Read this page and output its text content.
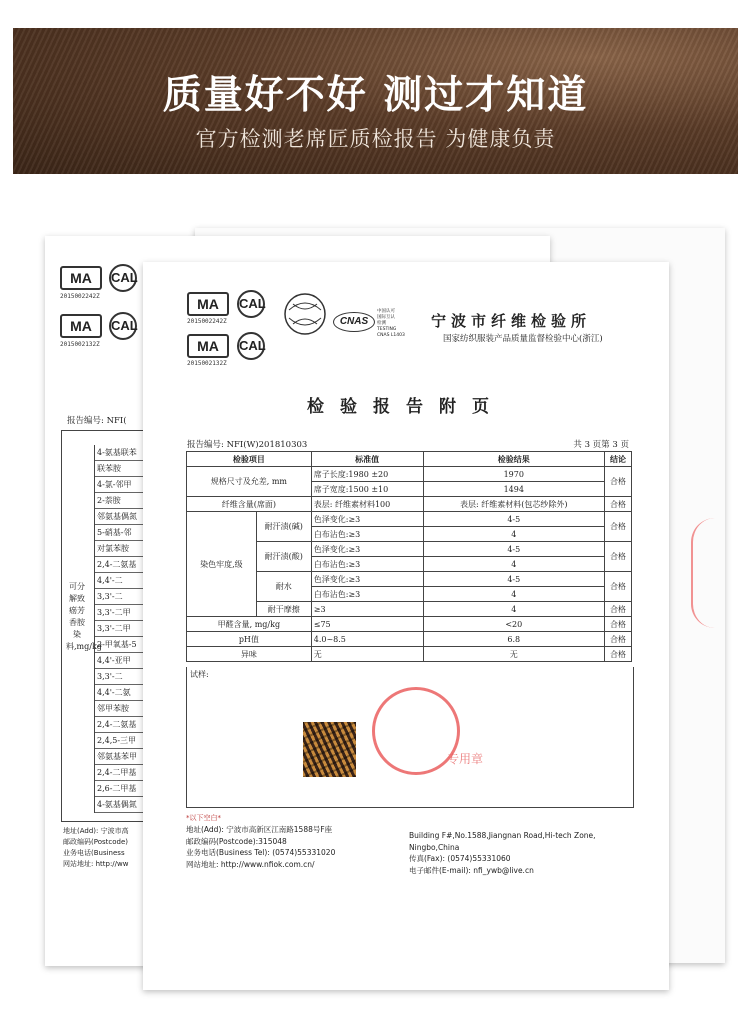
质量好不好 测过才知道
官方检测老席匠质检报告 为健康负责
MA	CAL
2015002242Z
MA	CAL
2015002132Z
报告编号: NFI(
可分解致癌芳香胺染料,mg/kg
4-氨基联苯
联苯胺
4-氯-邻甲
2-萘胺
邻氨基偶氮
5-硝基-邻
对氯苯胺
2,4-二氨基
4,4'-二
3,3'-二
3,3'-二甲
3,3'-二甲
2-甲氧基-5
4,4'-亚甲
3,3'-二
4,4'-二氨
邻甲苯胺
2,4-二氨基
2,4,5-三甲
邻氨基苯甲
2,4-二甲基
2,6-二甲基
4-氨基偶氮
地址(Add): 宁波市高
邮政编码(Postcode)
业务电话(Business
网站地址: http://ww
MA	CAL
2015002242Z
MA	CAL
2015002132Z
CNAS
中国认可
国际互认
检测
TESTING
CNAS L1403
宁波市纤维检验所
国家纺织服装产品质量监督检验中心(浙江)
检验报告附页
报告编号: NFI(W)201810303	共 3 页第 3 页
检验项目		标准值	检验结果	结论
规格尺寸及允差, mm		席子长度:1980 ±20	1970	合格
		席子宽度:1500 ±10	1494	
纤维含量(席面)		表层: 纤维素材料100	表层: 纤维素材料(包芯纱除外)	合格
染色牢度,级	耐汗渍(碱)	色泽变化:≥3	4-5	合格
		白布沾色:≥3	4	
	耐汗渍(酸)	色泽变化:≥3	4-5	合格
		白布沾色:≥3	4	
	耐水	色泽变化:≥3	4-5	合格
		白布沾色:≥3	4	
	耐干摩擦	≥3	4	合格
甲醛含量, mg/kg		≤75	<20	合格
pH值		4.0~8.5	6.8	合格
异味		无	无	合格
试样:
专用章
*以下空白*
地址(Add): 宁波市高新区江南路1588号F座
邮政编码(Postcode):315048
业务电话(Business Tel): (0574)55331020
网站地址: http://www.nfiok.com.cn/
Building F#,No.1588,Jiangnan Road,Hi-tech Zone,
Ningbo,China
传真(Fax): (0574)55331060
电子邮件(E-mail): nfi_ywb@live.cn
